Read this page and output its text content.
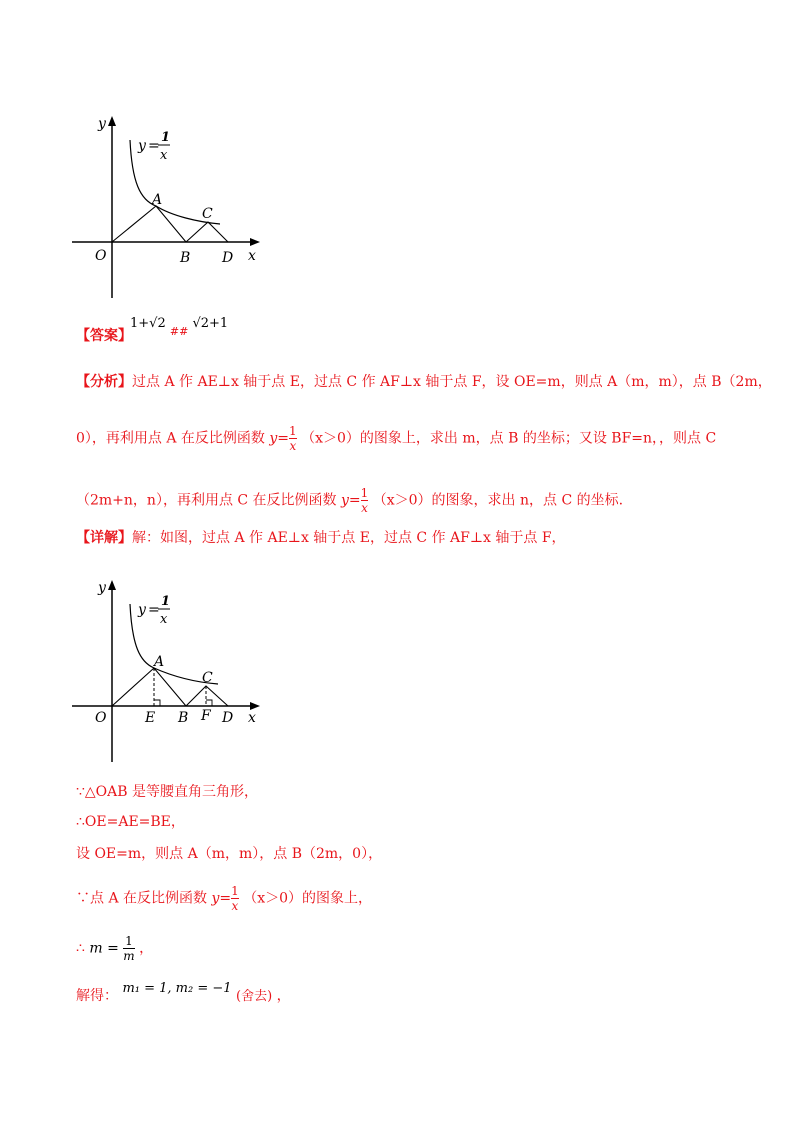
y
x
O
A
B
C
D
y =
1
x
【答案】
1+√2 $_{\#\#}$ √2+1
【分析】过点 A 作 AE⊥x 轴于点 E，过点 C 作 AF⊥x 轴于点 F，设 OE=m，则点 A（m，m），点 B（2m，
0），再利用点 A 在反比例函数 $y= \frac{1}{x} (x>0)$的图象上，求出 m，点 B 的坐标；又设 BF=n，，则点 C
（2m+n，n），再利用点 C 在反比例函数 $y= \frac{1}{x} (x>0)$的图象，求出 n，点 C 的坐标.
【详解】解：如图，过点 A 作 AE⊥x 轴于点 E，过点 C 作 AF⊥x 轴于点 F，
y
x
O
A
E B F
C
D
y =
1
x
∵△OAB 是等腰直角三角形，
∴OE=AE=BE，
设 OE=m，则点 A（m，m），点 B（2m，0），
∵点 A 在反比例函数 $y= \frac{1}{x} (x>0)$的图象上，
∴ $m = \frac{1}{m}$ ，
解得： m₁ = 1, m₂ = −1 (舍去) ，
